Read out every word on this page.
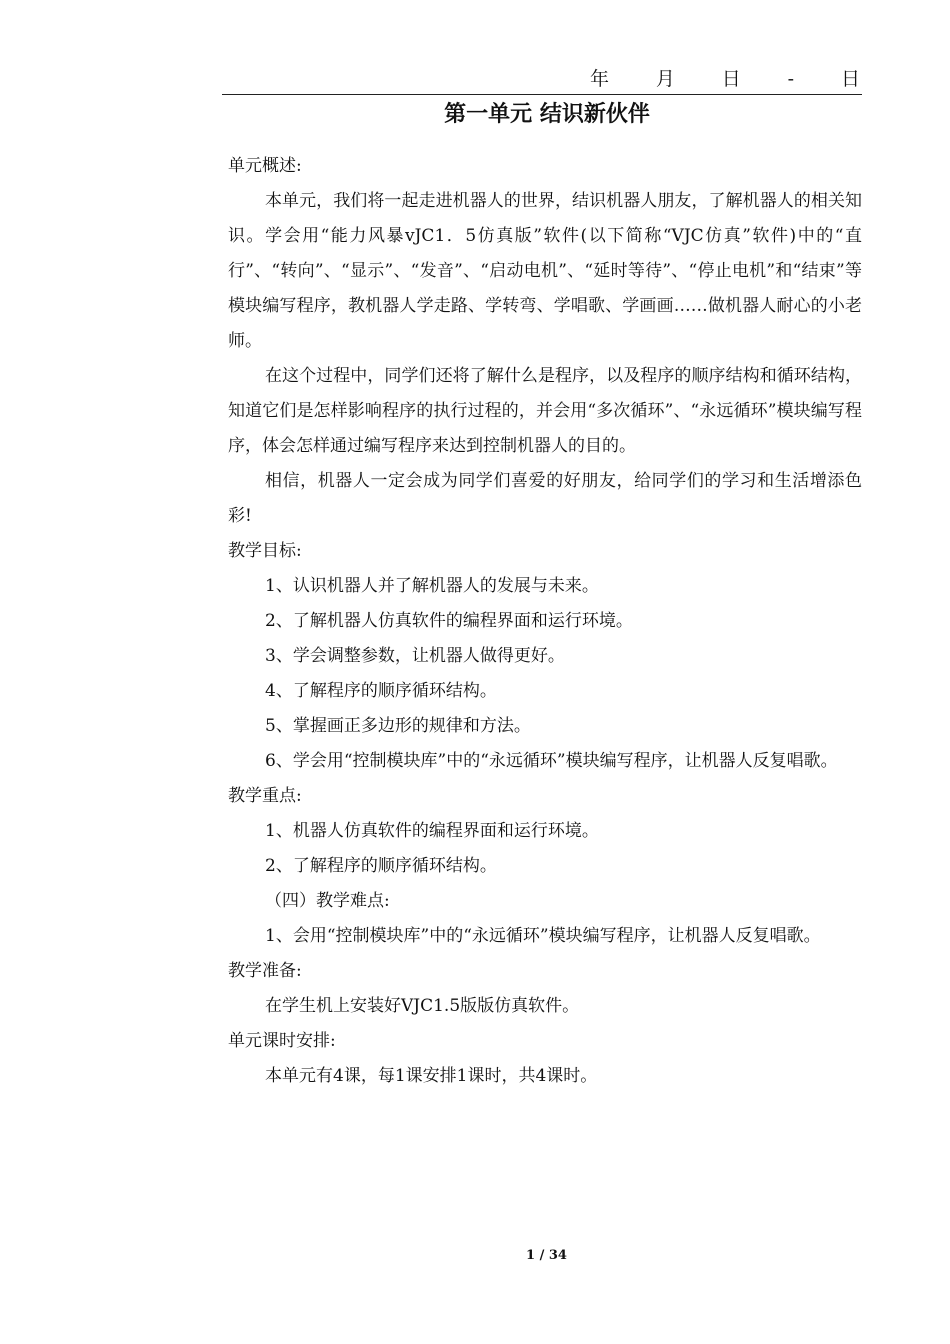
年 月 日 - 日
第一单元 结识新伙伴

单元概述:

本单元，我们将一起走进机器人的世界，结识机器人朋友，了解机器人的相关知识。学会用“能力风暴vJC1．5仿真版”软件(以下简称“VJC仿真”软件)中的“直行”、“转向”、“显示”、“发音”、“启动电机”、“延时等待”、“停止电机”和“结束”等模块编写程序，教机器人学走路、学转弯、学唱歌、学画画……做机器人耐心的小老师。

在这个过程中，同学们还将了解什么是程序，以及程序的顺序结构和循环结构，知道它们是怎样影响程序的执行过程的，并会用“多次循环”、“永远循环”模块编写程序，体会怎样通过编写程序来达到控制机器人的目的。

相信，机器人一定会成为同学们喜爱的好朋友，给同学们的学习和生活增添色彩!

教学目标:

1、认识机器人并了解机器人的发展与未来。

2、了解机器人仿真软件的编程界面和运行环境。

3、学会调整参数，让机器人做得更好。

4、了解程序的顺序循环结构。

5、掌握画正多边形的规律和方法。

6、学会用“控制模块库”中的“永远循环”模块编写程序，让机器人反复唱歌。

教学重点:

1、机器人仿真软件的编程界面和运行环境。

2、了解程序的顺序循环结构。

（四）教学难点:

1、会用“控制模块库”中的“永远循环”模块编写程序，让机器人反复唱歌。

教学准备:

在学生机上安装好VJC1.5版版仿真软件。

单元课时安排:

本单元有4课，每1课安排1课时，共4课时。

1 / 34
